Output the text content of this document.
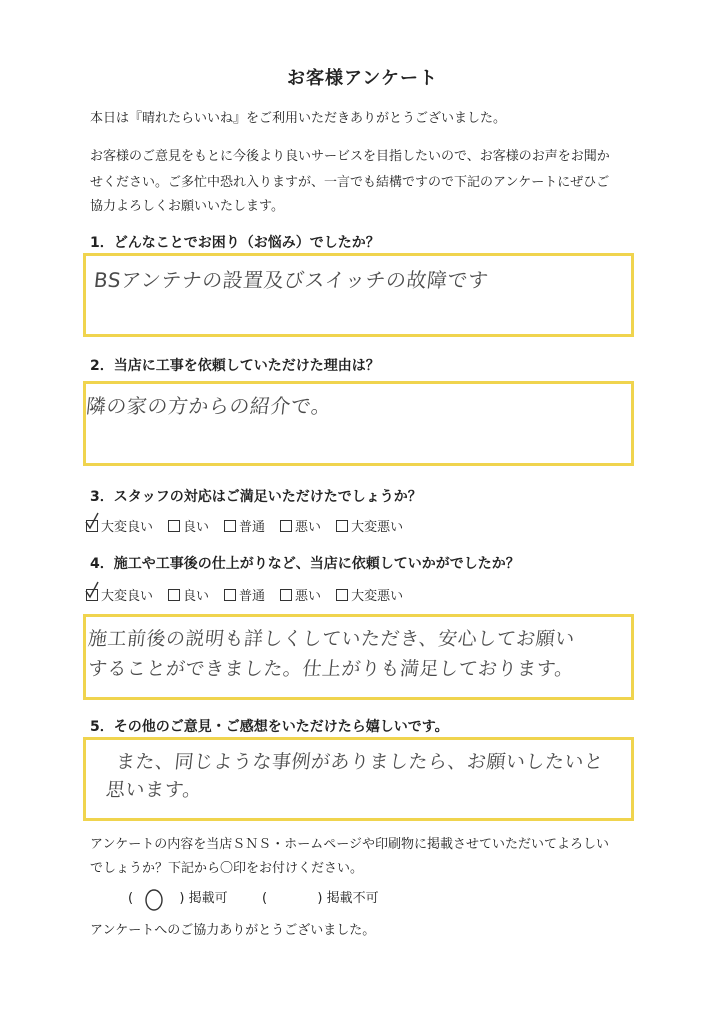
お客様アンケート
本日は『晴れたらいいね』をご利用いただきありがとうございました。
お客様のご意見をもとに今後より良いサービスを目指したいので、お客様のお声をお聞か
せください。ご多忙中恐れ入りますが、一言でも結構ですので下記のアンケートにぜひご
協力よろしくお願いいたします。
1．どんなことでお困り（お悩み）でしたか？
BSアンテナの設置及びスイッチの故障です
2．当店に工事を依頼していただけた理由は？
隣の家の方からの紹介で。
3．スタッフの対応はご満足いただけたでしょうか？
大変良い 良い 普通 悪い 大変悪い
4．施工や工事後の仕上がりなど、当店に依頼していかがでしたか？
大変良い 良い 普通 悪い 大変悪い
施工前後の説明も詳しくしていただき、安心してお願い
することができました。仕上がりも満足しております。
5．その他のご意見・ご感想をいただけたら嬉しいです。
また、同じような事例がありましたら、お願いしたいと
思います。
アンケートの内容を当店ＳＮＳ・ホームページや印刷物に掲載させていただいてよろしい
でしょうか？下記から〇印をお付けください。
(	) 掲載可	(	) 掲載不可
アンケートへのご協力ありがとうございました。
